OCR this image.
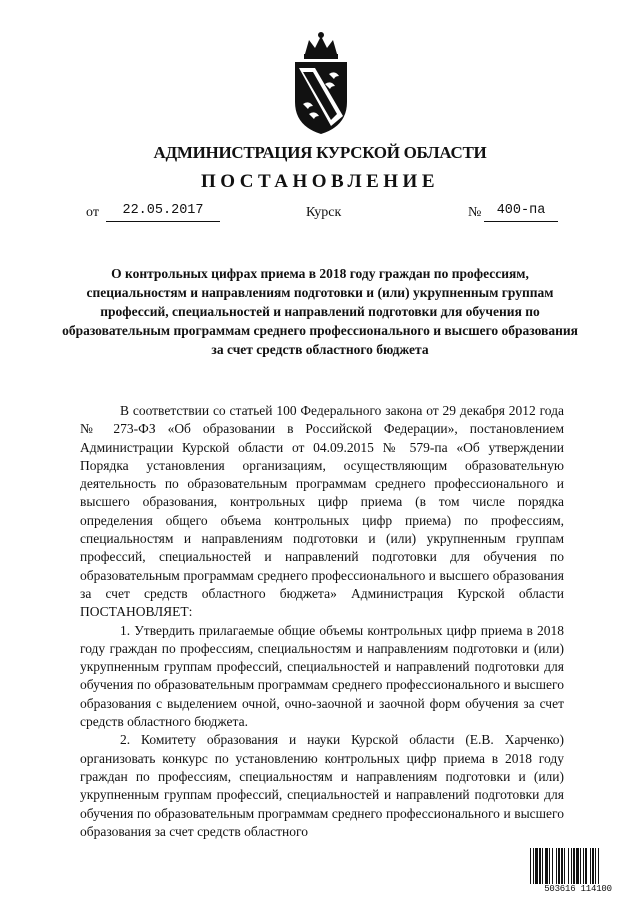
АДМИНИСТРАЦИЯ КУРСКОЙ ОБЛАСТИ
ПОСТАНОВЛЕНИЕ
от	22.05.2017	Курск	№	400-па
О контрольных цифрах приема в 2018 году граждан по профессиям, специальностям и направлениям подготовки и (или) укрупненным группам профессий, специальностей и направлений подготовки для обучения по образовательным программам среднего профессионального и высшего образования за счет средств областного бюджета

В соответствии со статьей 100 Федерального закона от 29 декабря 2012 года № 273-ФЗ «Об образовании в Российской Федерации», постановлением Администрации Курской области от 04.09.2015 № 579-па «Об утверждении Порядка установления организациям, осуществляющим образовательную деятельность по образовательным программам среднего профессионального и высшего образования, контрольных цифр приема (в том числе порядка определения общего объема контрольных цифр приема) по профессиям, специальностям и направлениям подготовки и (или) укрупненным группам профессий, специальностей и направлений подготовки для обучения по образовательным программам среднего профессионального и высшего образования за счет средств областного бюджета» Администрация Курской области ПОСТАНОВЛЯЕТ:

1. Утвердить прилагаемые общие объемы контрольных цифр приема в 2018 году граждан по профессиям, специальностям и направлениям подготовки и (или) укрупненным группам профессий, специальностей и направлений подготовки для обучения по образовательным программам среднего профессионального и высшего образования с выделением очной, очно-заочной и заочной форм обучения за счет средств областного бюджета.

2. Комитету образования и науки Курской области (Е.В. Харченко) организовать конкурс по установлению контрольных цифр приема в 2018 году граждан по профессиям, специальностям и направлениям подготовки и (или) укрупненным группам профессий, специальностей и направлений подготовки для обучения по образовательным программам среднего профессионального и высшего образования за счет средств областного

503616 114100
